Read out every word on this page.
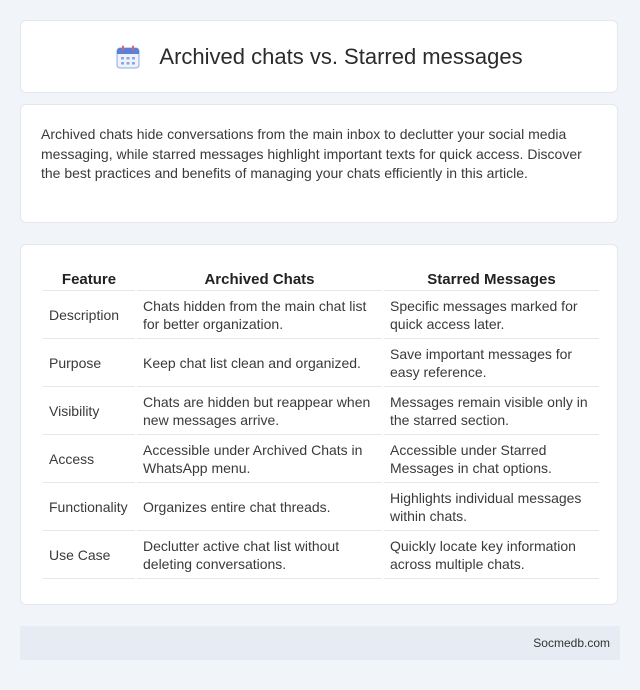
Archived chats vs. Starred messages

Archived chats hide conversations from the main inbox to declutter your social media messaging, while starred messages highlight important texts for quick access. Discover the best practices and benefits of managing your chats efficiently in this article.

Feature	Archived Chats	Starred Messages
Description	Chats hidden from the main chat list for better organization.	Specific messages marked for quick access later.
Purpose	Keep chat list clean and organized.	Save important messages for easy reference.
Visibility	Chats are hidden but reappear when new messages arrive.	Messages remain visible only in the starred section.
Access	Accessible under Archived Chats in WhatsApp menu.	Accessible under Starred Messages in chat options.
Functionality	Organizes entire chat threads.	Highlights individual messages within chats.
Use Case	Declutter active chat list without deleting conversations.	Quickly locate key information across multiple chats.
Socmedb.com
